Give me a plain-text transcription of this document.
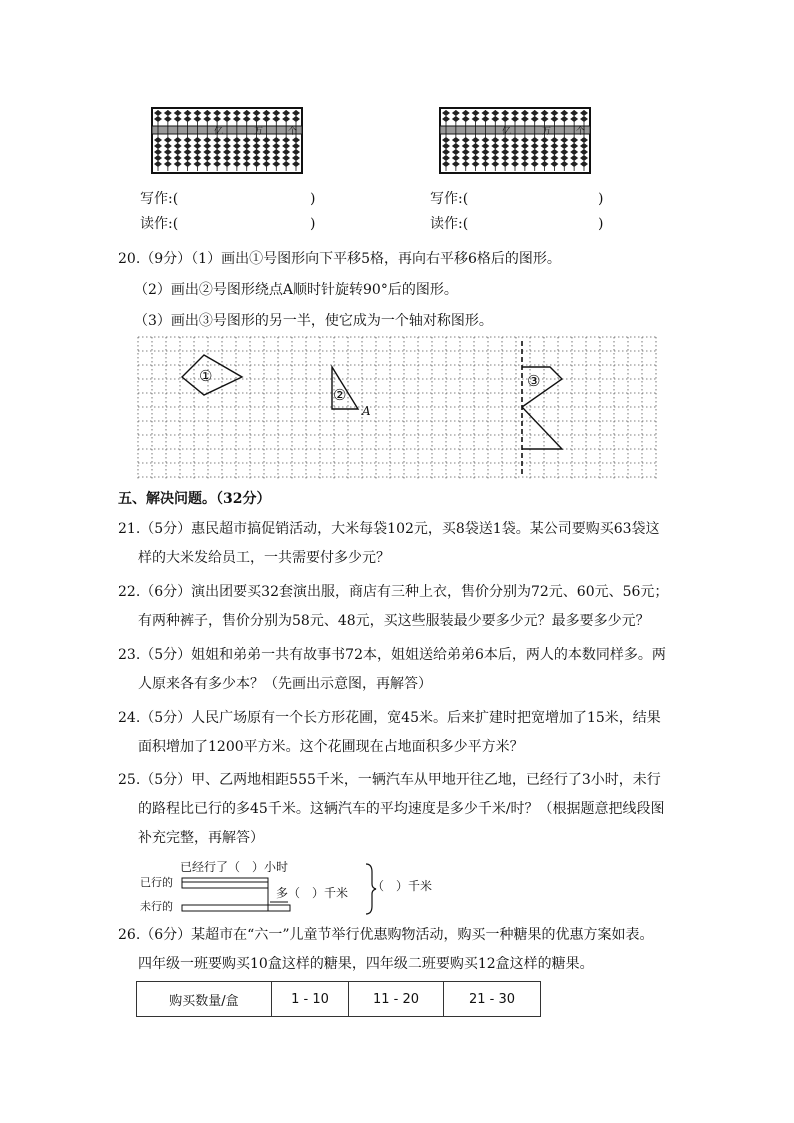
亿	万	个
写作:(	)
读作:(	)
亿	万	个
写作:(	)
读作:(	)
20.（9分）（1）画出①号图形向下平移5格，再向右平移6格后的图形。
（2）画出②号图形绕点A顺时针旋转90°后的图形。
（3）画出③号图形的另一半，使它成为一个轴对称图形。
①
②
③
A
五、解决问题。（32分）
21.（5分）惠民超市搞促销活动，大米每袋102元，买8袋送1袋。某公司要购买63袋这
样的大米发给员工，一共需要付多少元？
22.（6分）演出团要买32套演出服，商店有三种上衣，售价分别为72元、60元、56元；
有两种裤子，售价分别为58元、48元，买这些服装最少要多少元？最多要多少元？
23.（5分）姐姐和弟弟一共有故事书72本，姐姐送给弟弟6本后，两人的本数同样多。两
人原来各有多少本？（先画出示意图，再解答）
24.（5分）人民广场原有一个长方形花圃，宽45米。后来扩建时把宽增加了15米，结果
面积增加了1200平方米。这个花圃现在占地面积多少平方米？
25.（5分）甲、乙两地相距555千米，一辆汽车从甲地开往乙地，已经行了3小时，未行
的路程比已行的多45千米。这辆汽车的平均速度是多少千米/时？（根据题意把线段图
补充完整，再解答）
已经行了（　）小时
已行的
未行的
多（　）千米 （　）千米
26.（6分）某超市在“六一”儿童节举行优惠购物活动，购买一种糖果的优惠方案如表。
四年级一班要购买10盒这样的糖果，四年级二班要购买12盒这样的糖果。
购买数量/盒	1 - 10	11 - 20	21 - 30
